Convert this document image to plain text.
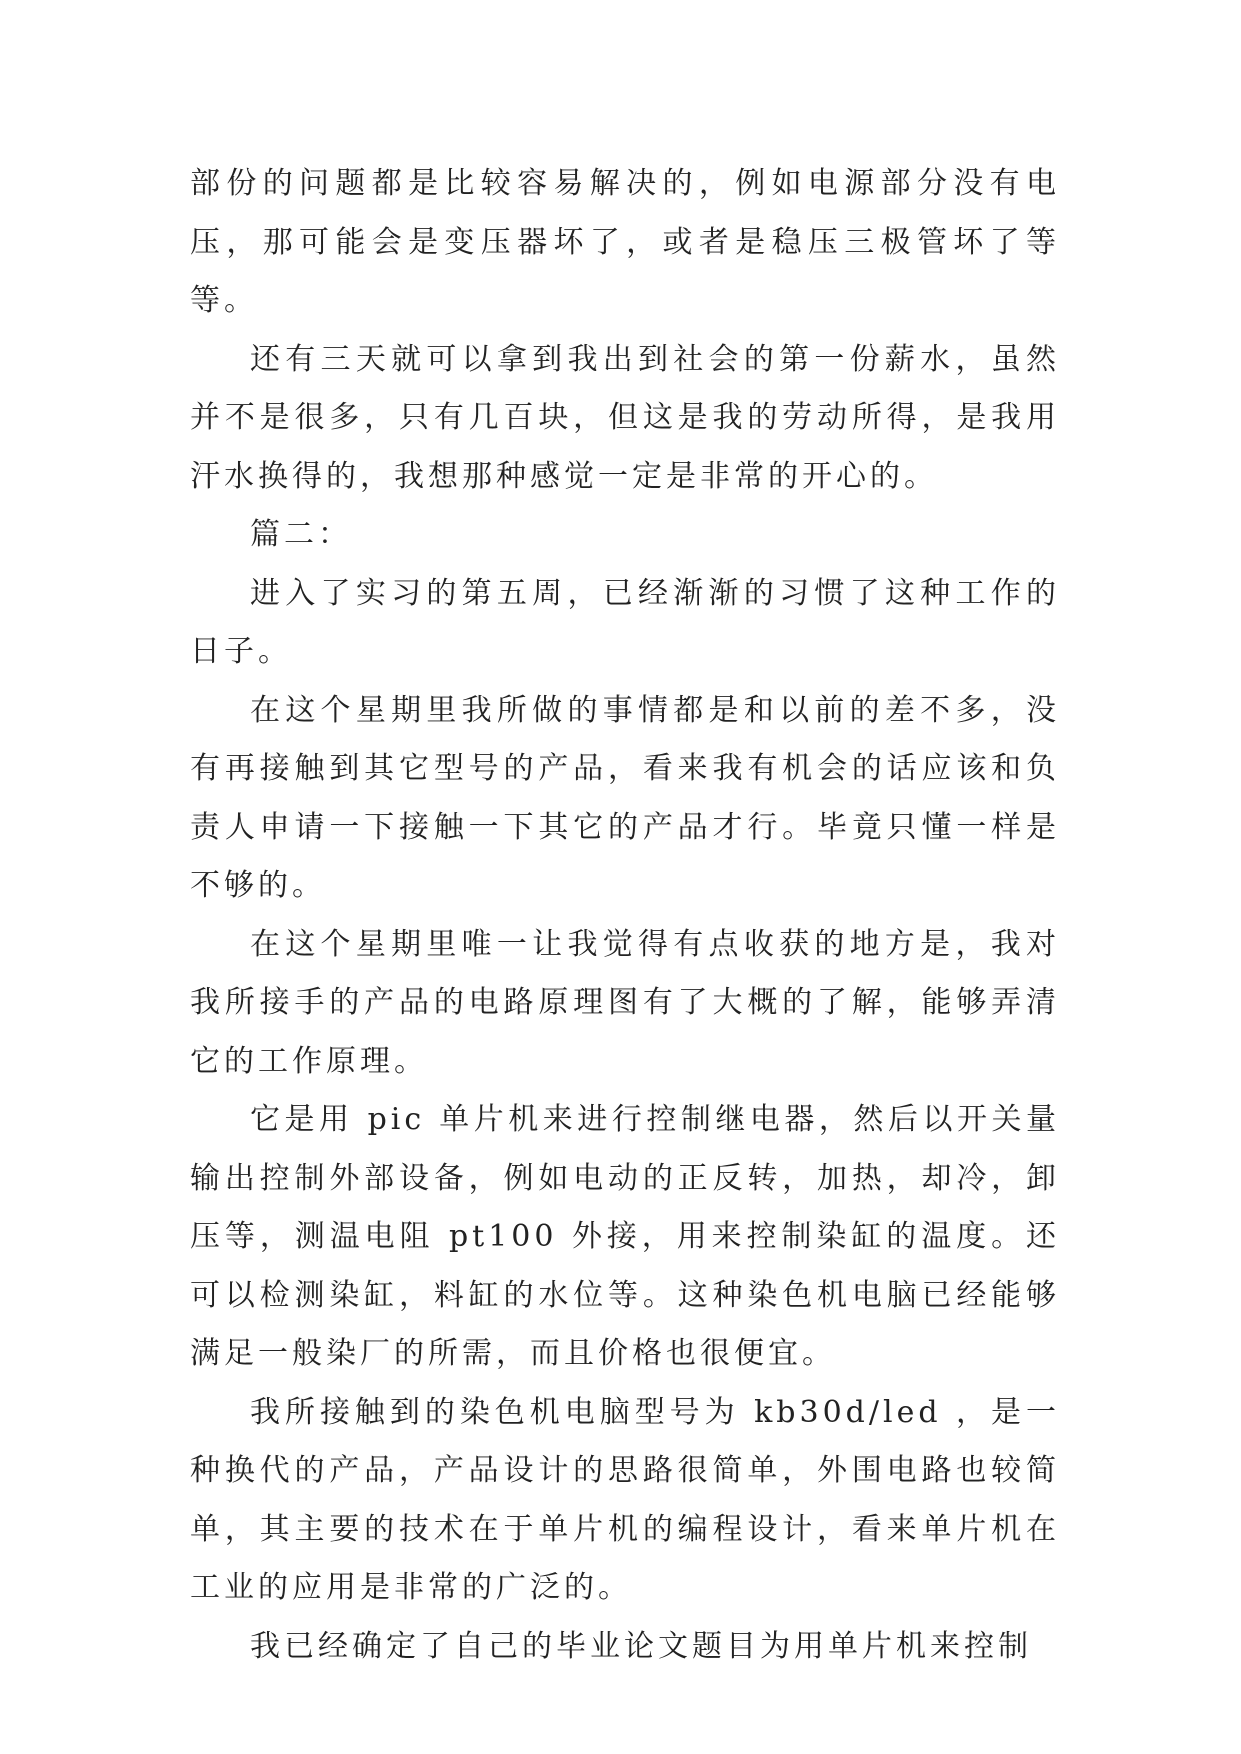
部份的问题都是比较容易解决的，例如电源部分没有电压，那可能会是变压器坏了，或者是稳压三极管坏了等等。

还有三天就可以拿到我出到社会的第一份薪水，虽然并不是很多，只有几百块，但这是我的劳动所得，是我用汗水换得的，我想那种感觉一定是非常的开心的。

篇二：

进入了实习的第五周，已经渐渐的习惯了这种工作的日子。

在这个星期里我所做的事情都是和以前的差不多，没有再接触到其它型号的产品，看来我有机会的话应该和负责人申请一下接触一下其它的产品才行。毕竟只懂一样是不够的。

在这个星期里唯一让我觉得有点收获的地方是，我对我所接手的产品的电路原理图有了大概的了解，能够弄清它的工作原理。

它是用 pic 单片机来进行控制继电器，然后以开关量输出控制外部设备，例如电动的正反转，加热，却冷，卸压等，测温电阻 pt100 外接，用来控制染缸的温度。还可以检测染缸，料缸的水位等。这种染色机电脑已经能够满足一般染厂的所需，而且价格也很便宜。

我所接触到的染色机电脑型号为 kb30d/led ，是一种换代的产品，产品设计的思路很简单，外围电路也较简单，其主要的技术在于单片机的编程设计，看来单片机在工业的应用是非常的广泛的。

我已经确定了自己的毕业论文题目为用单片机来控制
